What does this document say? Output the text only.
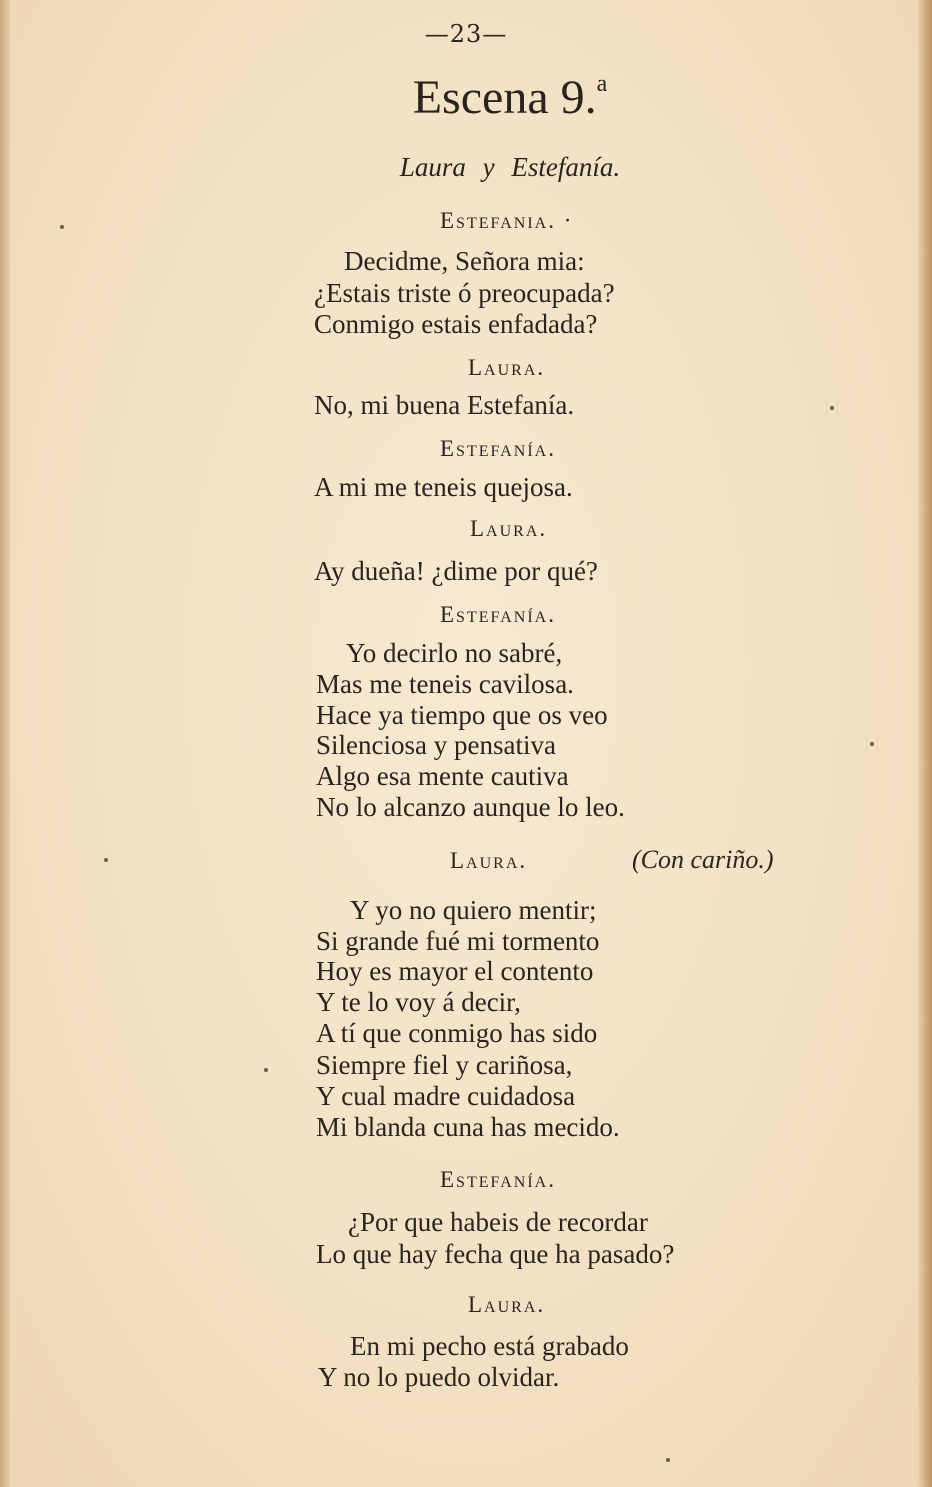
—23—
Escena 9.$^a$
Laura y Estefanía.
Estefania. ·
Decidme, Señora mia:
¿Estais triste ó preocupada?
Conmigo estais enfadada?
Laura.
No, mi buena Estefanía.
Estefanía.
A mi me teneis quejosa.
Laura.
Ay dueña! ¿dime por qué?
Estefanía.
Yo decirlo no sabré,
Mas me teneis cavilosa.
Hace ya tiempo que os veo
Silenciosa y pensativa
Algo esa mente cautiva
No lo alcanzo aunque lo leo.
Laura.	(Con cariño.)
Y yo no quiero mentir;
Si grande fué mi tormento
Hoy es mayor el contento
Y te lo voy á decir,
A tí que conmigo has sido
Siempre fiel y cariñosa,
Y cual madre cuidadosa
Mi blanda cuna has mecido.
Estefanía.
¿Por que habeis de recordar
Lo que hay fecha que ha pasado?
Laura.
En mi pecho está grabado
Y no lo puedo olvidar.
